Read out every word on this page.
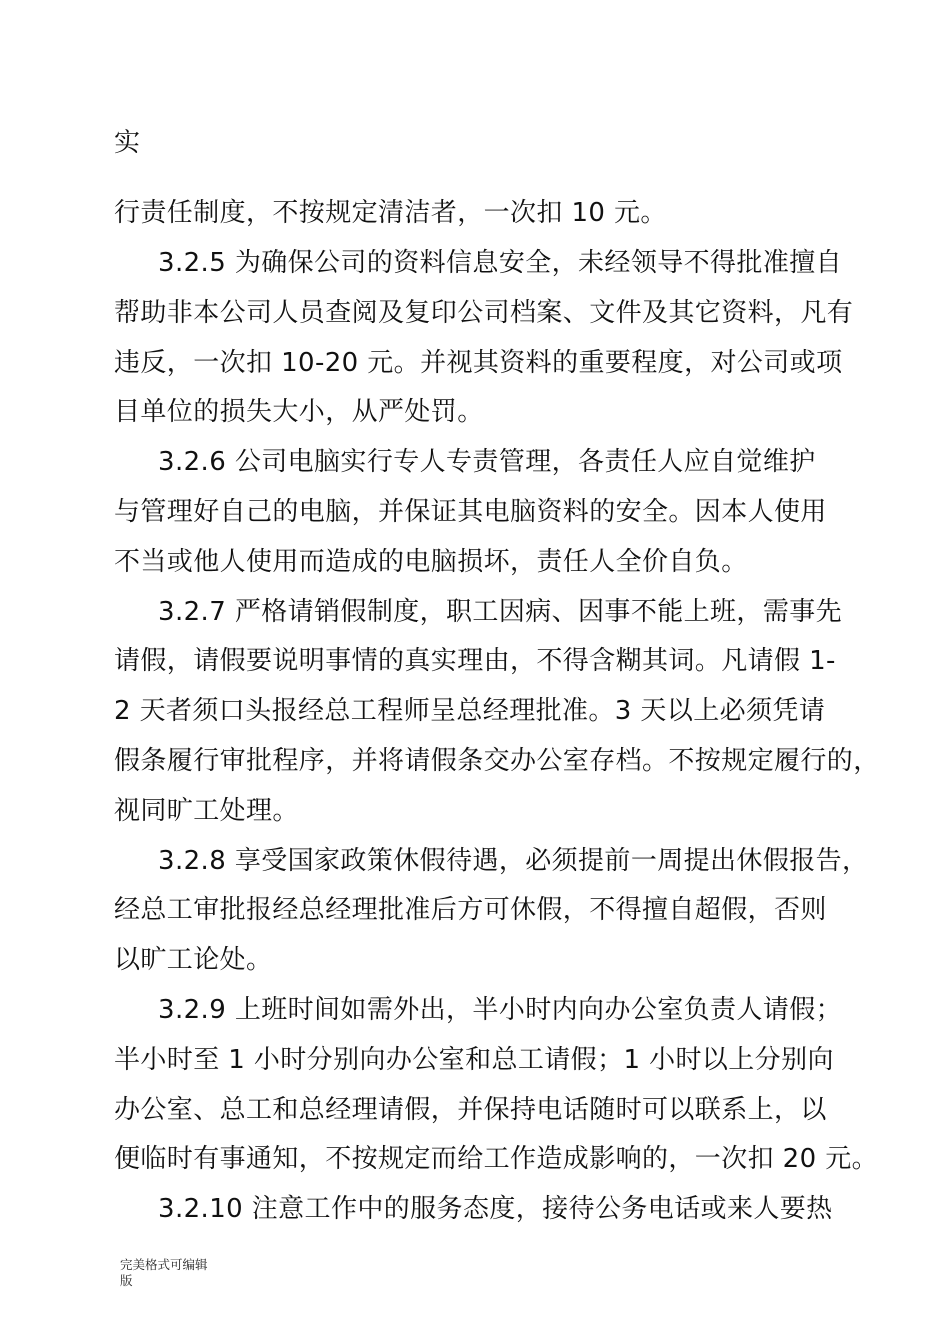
实
行责任制度，不按规定清洁者，一次扣 10 元。
3.2.5 为确保公司的资料信息安全，未经领导不得批准擅自
帮助非本公司人员查阅及复印公司档案、文件及其它资料，凡有
违反，一次扣 10-20 元。并视其资料的重要程度，对公司或项
目单位的损失大小，从严处罚。
3.2.6 公司电脑实行专人专责管理，各责任人应自觉维护
与管理好自己的电脑，并保证其电脑资料的安全。因本人使用
不当或他人使用而造成的电脑损坏，责任人全价自负。
3.2.7 严格请销假制度，职工因病、因事不能上班，需事先
请假，请假要说明事情的真实理由，不得含糊其词。凡请假 1-
2 天者须口头报经总工程师呈总经理批准。3 天以上必须凭请
假条履行审批程序，并将请假条交办公室存档。不按规定履行的，
视同旷工处理。
3.2.8 享受国家政策休假待遇，必须提前一周提出休假报告，
经总工审批报经总经理批准后方可休假，不得擅自超假，否则
以旷工论处。
3.2.9 上班时间如需外出，半小时内向办公室负责人请假；
半小时至 1 小时分别向办公室和总工请假；1 小时以上分别向
办公室、总工和总经理请假，并保持电话随时可以联系上，以
便临时有事通知，不按规定而给工作造成影响的，一次扣 20 元。
3.2.10 注意工作中的服务态度，接待公务电话或来人要热
完美格式可编辑
版
